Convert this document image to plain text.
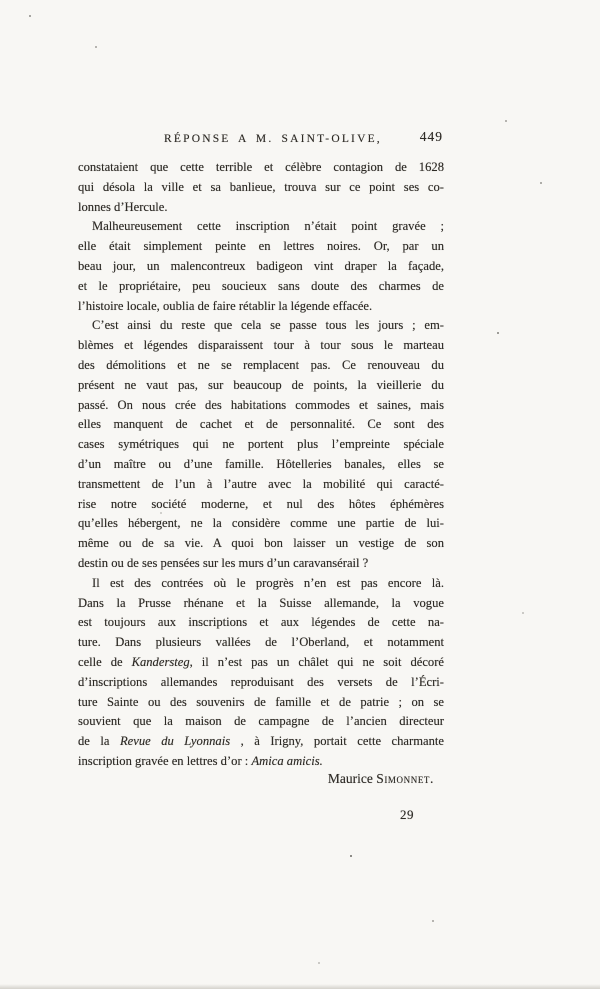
RÉPONSE A M. SAINT-OLIVE,	449
constataient que cette terrible et célèbre contagion de 1628
qui désola la ville et sa banlieue, trouva sur ce point ses co-
lonnes d’Hercule.
Malheureusement cette inscription n’était point gravée ;
elle était simplement peinte en lettres noires. Or, par un
beau jour, un malencontreux badigeon vint draper la façade,
et le propriétaire, peu soucieux sans doute des charmes de
l’histoire locale, oublia de faire rétablir la légende effacée.
C’est ainsi du reste que cela se passe tous les jours ; em-
blèmes et légendes disparaissent tour à tour sous le marteau
des démolitions et ne se remplacent pas. Ce renouveau du
présent ne vaut pas, sur beaucoup de points, la vieillerie du
passé. On nous crée des habitations commodes et saines, mais
elles manquent de cachet et de personnalité. Ce sont des
cases symétriques qui ne portent plus l’empreinte spéciale
d’un maître ou d’une famille. Hôtelleries banales, elles se
transmettent de l’un à l’autre avec la mobilité qui caracté-
rise notre société moderne, et nul des hôtes éphémères
qu’elles hébergent, ne la considère comme une partie de lui-
même ou de sa vie. A quoi bon laisser un vestige de son
destin ou de ses pensées sur les murs d’un caravansérail ?
Il est des contrées où le progrès n’en est pas encore là.
Dans la Prusse rhénane et la Suisse allemande, la vogue
est toujours aux inscriptions et aux légendes de cette na-
ture. Dans plusieurs vallées de l’Oberland, et notamment
celle de Kandersteg, il n’est pas un châlet qui ne soit décoré
d’inscriptions allemandes reproduisant des versets de l’Écri-
ture Sainte ou des souvenirs de famille et de patrie ; on se
souvient que la maison de campagne de l’ancien directeur
de la Revue du Lyonnais , à Irigny, portait cette charmante
inscription gravée en lettres d’or : Amica amicis.
Maurice Simonnet.
29
